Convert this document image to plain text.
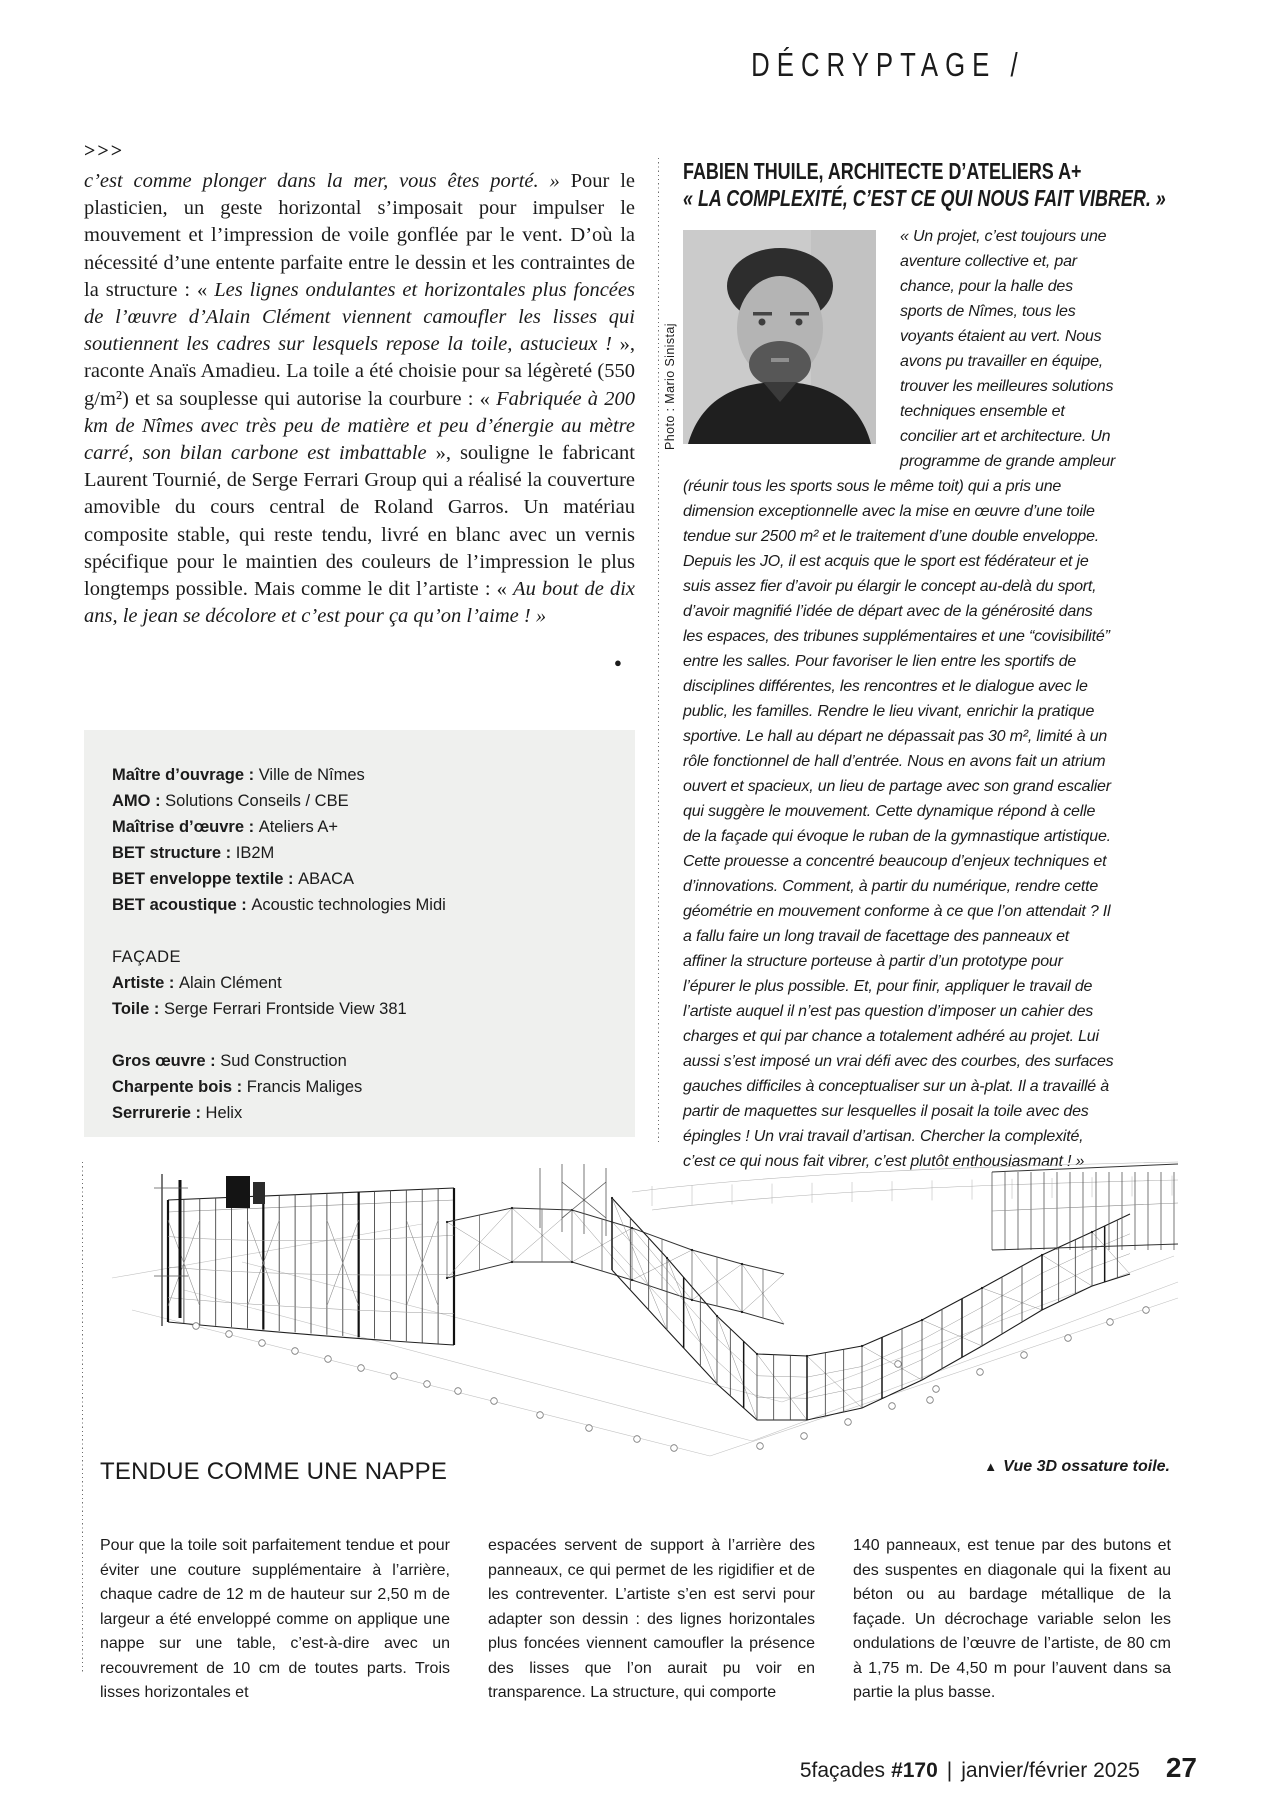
DÉCRYPTAGE /
>>>
c’est comme plonger dans la mer, vous êtes porté. » Pour le plasticien, un geste horizontal s’imposait pour impulser le mouvement et l’impression de voile gonflée par le vent. D’où la nécessité d’une entente parfaite entre le dessin et les contraintes de la structure : « Les lignes ondulantes et horizontales plus foncées de l’œuvre d’Alain Clément viennent camoufler les lisses qui soutiennent les cadres sur lesquels repose la toile, astucieux ! », raconte Anaïs Amadieu. La toile a été choisie pour sa légèreté (550 g/m²) et sa souplesse qui autorise la courbure : « Fabriquée à 200 km de Nîmes avec très peu de matière et peu d’énergie au mètre carré, son bilan carbone est imbattable », souligne le fabricant Laurent Tournié, de Serge Ferrari Group qui a réalisé la couverture amovible du cours central de Roland Garros. Un matériau composite stable, qui reste tendu, livré en blanc avec un vernis spécifique pour le maintien des couleurs de l’impression le plus longtemps possible. Mais comme le dit l’artiste : « Au bout de dix ans, le jean se décolore et c’est pour ça qu’on l’aime ! »
●
Maître d’ouvrage : Ville de Nîmes
AMO : Solutions Conseils / CBE
Maîtrise d’œuvre : Ateliers A+
BET structure : IB2M
BET enveloppe textile : ABACA
BET acoustique : Acoustic technologies Midi
FAÇADE
Artiste : Alain Clément
Toile : Serge Ferrari Frontside View 381
Gros œuvre : Sud Construction
Charpente bois : Francis Maliges
Serrurerie : Helix
FABIEN THUILE, ARCHITECTE D’ATELIERS A+
« LA COMPLEXITÉ, C’EST CE QUI NOUS FAIT VIBRER. »
« Un projet, c’est toujours une aventure collective et, par chance, pour la halle des sports de Nîmes, tous les voyants étaient au vert. Nous avons pu travailler en équipe, trouver les meilleures solutions techniques ensemble et concilier art et architecture. Un programme de grande ampleur (réunir tous les sports sous le même toit) qui a pris une dimension exceptionnelle avec la mise en œuvre d’une toile tendue sur 2500 m² et le traitement d’une double enveloppe. Depuis les JO, il est acquis que le sport est fédérateur et je suis assez fier d’avoir pu élargir le concept au-delà du sport, d’avoir magnifié l’idée de départ avec de la générosité dans les espaces, des tribunes supplémentaires et une “covisibilité” entre les salles. Pour favoriser le lien entre les sportifs de disciplines différentes, les rencontres et le dialogue avec le public, les familles. Rendre le lieu vivant, enrichir la pratique sportive. Le hall au départ ne dépassait pas 30 m², limité à un rôle fonctionnel de hall d’entrée. Nous en avons fait un atrium ouvert et spacieux, un lieu de partage avec son grand escalier qui suggère le mouvement. Cette dynamique répond à celle de la façade qui évoque le ruban de la gymnastique artistique. Cette prouesse a concentré beaucoup d’enjeux techniques et d’innovations. Comment, à partir du numérique, rendre cette géométrie en mouvement conforme à ce que l’on attendait ? Il a fallu faire un long travail de facettage des panneaux et affiner la structure porteuse à partir d’un prototype pour l’épurer le plus possible. Et, pour finir, appliquer le travail de l’artiste auquel il n’est pas question d’imposer un cahier des charges et qui par chance a totalement adhéré au projet. Lui aussi s’est imposé un vrai défi avec des courbes, des surfaces gauches difficiles à conceptualiser sur un à-plat. Il a travaillé à partir de maquettes sur lesquelles il posait la toile avec des épingles ! Un vrai travail d’artisan. Chercher la complexité, c’est ce qui nous fait vibrer, c’est plutôt enthousiasmant ! »
Photo : Mario Sinistaj
▲ Vue 3D ossature toile.
TENDUE COMME UNE NAPPE

Pour que la toile soit parfaitement tendue et pour éviter une couture supplémentaire à l’arrière, chaque cadre de 12 m de hauteur sur 2,50 m de largeur a été enveloppé comme on applique une nappe sur une table, c’est-à-dire avec un recouvrement de 10 cm de toutes parts. Trois lisses horizontales et

espacées servent de support à l’arrière des panneaux, ce qui permet de les rigidifier et de les contreventer. L’artiste s’en est servi pour adapter son dessin : des lignes horizontales plus foncées viennent camoufler la présence des lisses que l’on aurait pu voir en transparence. La structure, qui comporte

140 panneaux, est tenue par des butons et des suspentes en diagonale qui la fixent au béton ou au bardage métallique de la façade. Un décrochage variable selon les ondulations de l’œuvre de l’artiste, de 80 cm à 1,75 m. De 4,50 m pour l’auvent dans sa partie la plus basse.

5façades #170 | janvier/février 2025 27
